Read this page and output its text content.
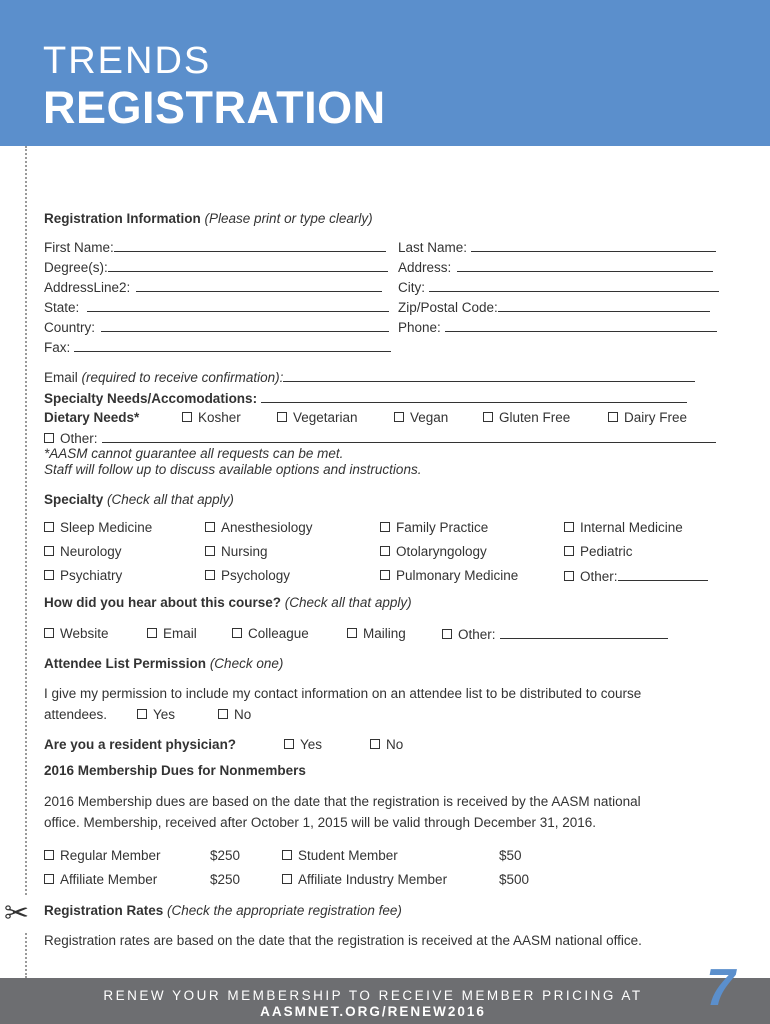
TRENDS
REGISTRATION
✂
Registration Information (Please print or type clearly)
First Name:	Last Name:
Degree(s):	Address:
AddressLine2:	City:
State:	Zip/Postal Code:
Country:	Phone:
Fax:
Email (required to receive confirmation):
Specialty Needs/Accomodations:
Dietary Needs*	Kosher	Vegetarian	Vegan	Gluten Free	Dairy Free
Other:
*AASM cannot guarantee all requests can be met.
Staff will follow up to discuss available options and instructions.
Specialty (Check all that apply)
Sleep Medicine	Anesthesiology	Family Practice	Internal Medicine
Neurology	Nursing	Otolaryngology	Pediatric
Psychiatry	Psychology	Pulmonary Medicine	Other:
How did you hear about this course? (Check all that apply)
Website	Email	Colleague	Mailing	Other:
Attendee List Permission (Check one)
I give my permission to include my contact information on an attendee list to be distributed to course
attendees.	Yes	No
Are you a resident physician?	Yes	No
2016 Membership Dues for Nonmembers
2016 Membership dues are based on the date that the registration is received by the AASM national
office. Membership, received after October 1, 2015 will be valid through December 31, 2016.
Regular Member	$250	Student Member	$50
Affiliate Member	$250	Affiliate Industry Member	$500
Registration Rates (Check the appropriate registration fee)
Registration rates are based on the date that the registration is received at the AASM national office.
RENEW YOUR MEMBERSHIP TO RECEIVE MEMBER PRICING AT
AASMNET.ORG/RENEW2016	7
